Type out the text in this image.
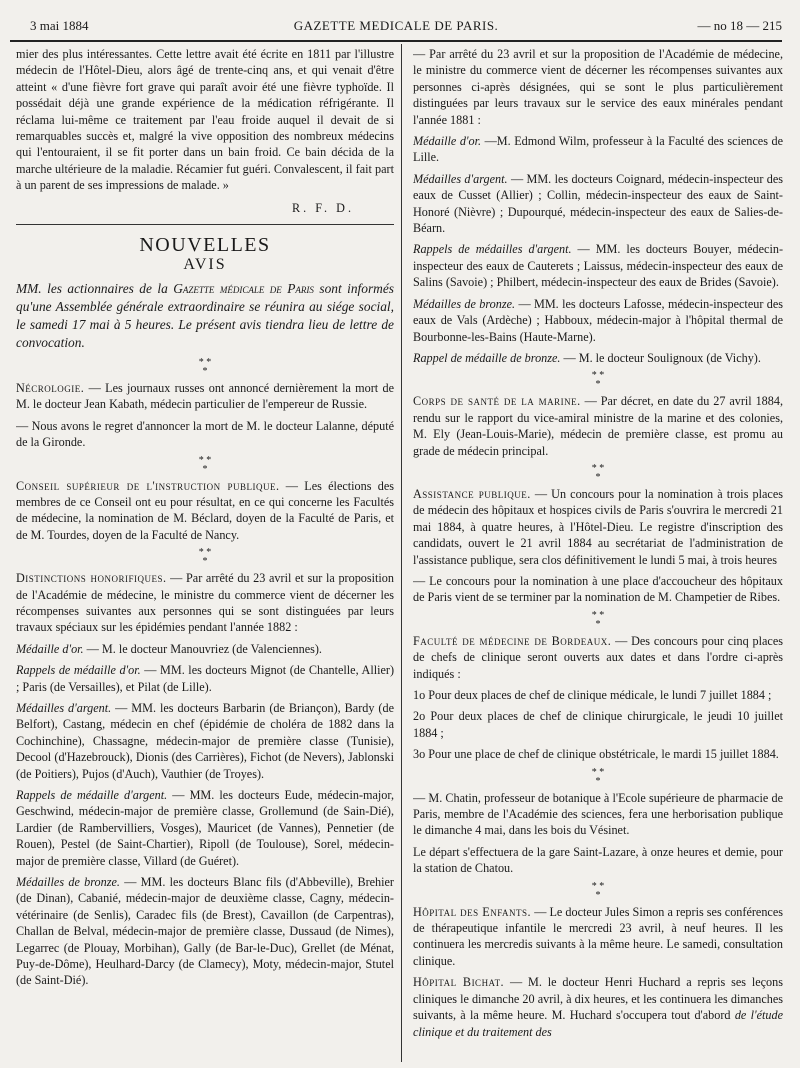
3 mai 1884	GAZETTE MEDICALE DE PARIS.	— no 18 — 215

mier des plus intéressantes. Cette lettre avait été écrite en 1811 par l'illustre médecin de l'Hôtel-Dieu, alors âgé de trente-cinq ans, et qui venait d'être atteint « d'une fièvre fort grave qui paraît avoir été une fièvre typhoïde. Il possédait déjà une grande expérience de la médication réfrigérante. Il réclama lui-même ce traitement par l'eau froide auquel il devait de si remarquables succès et, malgré la vive opposition des nombreux médecins qui l'entouraient, il se fit porter dans un bain froid. Ce bain décida de la marche ultérieure de la maladie. Récamier fut guéri. Convalescent, il fait part à un parent de ses impressions de malade. »

R. F. D.

NOUVELLES
AVIS
MM. les actionnaires de la Gazette médicale de Paris sont informés qu'une Assemblée générale extraordinaire se réunira au siége social, le samedi 17 mai à 5 heures. Le présent avis tiendra lieu de lettre de convocation.
* *
*

Nécrologie. — Les journaux russes ont annoncé dernièrement la mort de M. le docteur Jean Kabath, médecin particulier de l'empereur de Russie.

— Nous avons le regret d'annoncer la mort de M. le docteur Lalanne, député de la Gironde.

* *
*

Conseil supérieur de l'instruction publique. — Les élections des membres de ce Conseil ont eu pour résultat, en ce qui concerne les Facultés de médecine, la nomination de M. Béclard, doyen de la Faculté de Paris, et de M. Tourdes, doyen de la Faculté de Nancy.

* *
*

Distinctions honorifiques. — Par arrêté du 23 avril et sur la proposition de l'Académie de médecine, le ministre du commerce vient de décerner les récompenses suivantes aux personnes qui se sont distinguées par leurs travaux spéciaux sur les épidémies pendant l'année 1882 :

Médaille d'or. — M. le docteur Manouvriez (de Valenciennes).

Rappels de médaille d'or. — MM. les docteurs Mignot (de Chantelle, Allier) ; Paris (de Versailles), et Pilat (de Lille).

Médailles d'argent. — MM. les docteurs Barbarin (de Briançon), Bardy (de Belfort), Castang, médecin en chef (épidémie de choléra de 1882 dans la Cochinchine), Chassagne, médecin-major de première classe (Tunisie), Decool (d'Hazebrouck), Dionis (des Carrières), Fichot (de Nevers), Jablonski (de Poitiers), Pujos (d'Auch), Vauthier (de Troyes).

Rappels de médaille d'argent. — MM. les docteurs Eude, médecin-major, Geschwind, médecin-major de première classe, Grollemund (de Sain-Dié), Lardier (de Rambervilliers, Vosges), Mauricet (de Vannes), Pennetier (de Rouen), Pestel (de Saint-Chartier), Ripoll (de Toulouse), Sorel, médecin-major de première classe, Villard (de Guéret).

Médailles de bronze. — MM. les docteurs Blanc fils (d'Abbeville), Brehier (de Dinan), Cabanié, médecin-major de deuxième classe, Cagny, médecin-vétérinaire (de Senlis), Caradec fils (de Brest), Cavaillon (de Carpentras), Challan de Belval, médecin-major de première classe, Dussaud (de Nimes), Legarrec (de Plouay, Morbihan), Gally (de Bar-le-Duc), Grellet (de Ménat, Puy-de-Dôme), Heulhard-Darcy (de Clamecy), Moty, médecin-major, Stutel (de Saint-Dié).

— Par arrêté du 23 avril et sur la proposition de l'Académie de médecine, le ministre du commerce vient de décerner les récompenses suivantes aux personnes ci-après désignées, qui se sont le plus particulièrement distinguées par leurs travaux sur le service des eaux minérales pendant l'année 1881 :

Médaille d'or. —M. Edmond Wilm, professeur à la Faculté des sciences de Lille.

Médailles d'argent. — MM. les docteurs Coignard, médecin-inspecteur des eaux de Cusset (Allier) ; Collin, médecin-inspecteur des eaux de Saint-Honoré (Nièvre) ; Dupourqué, médecin-inspecteur des eaux de Salies-de-Béarn.

Rappels de médailles d'argent. — MM. les docteurs Bouyer, médecin-inspecteur des eaux de Cauterets ; Laissus, médecin-inspecteur des eaux de Salins (Savoie) ; Philbert, médecin-inspecteur des eaux de Brides (Savoie).

Médailles de bronze. — MM. les docteurs Lafosse, médecin-inspecteur des eaux de Vals (Ardèche) ; Habboux, médecin-major à l'hôpital thermal de Bourbonne-les-Bains (Haute-Marne).

Rappel de médaille de bronze. — M. le docteur Soulignoux (de Vichy).

* *
*

Corps de santé de la marine. — Par décret, en date du 27 avril 1884, rendu sur le rapport du vice-amiral ministre de la marine et des colonies, M. Ely (Jean-Louis-Marie), médecin de première classe, est promu au grade de médecin principal.

* *
*

Assistance publique. — Un concours pour la nomination à trois places de médecin des hôpitaux et hospices civils de Paris s'ouvrira le mercredi 21 mai 1884, à quatre heures, à l'Hôtel-Dieu. Le registre d'inscription des candidats, ouvert le 21 avril 1884 au secrétariat de l'administration de l'assistance publique, sera clos définitivement le lundi 5 mai, à trois heures

— Le concours pour la nomination à une place d'accoucheur des hôpitaux de Paris vient de se terminer par la nomination de M. Champetier de Ribes.

* *
*

Faculté de médecine de Bordeaux. — Des concours pour cinq places de chefs de clinique seront ouverts aux dates et dans l'ordre ci-après indiqués :

1o Pour deux places de chef de clinique médicale, le lundi 7 juillet 1884 ;

2o Pour deux places de chef de clinique chirurgicale, le jeudi 10 juillet 1884 ;

3o Pour une place de chef de clinique obstétricale, le mardi 15 juillet 1884.

* *
*

— M. Chatin, professeur de botanique à l'Ecole supérieure de pharmacie de Paris, membre de l'Académie des sciences, fera une herborisation publique le dimanche 4 mai, dans les bois du Vésinet.

Le départ s'effectuera de la gare Saint-Lazare, à onze heures et demie, pour la station de Chatou.

* *
*

Hôpital des Enfants. — Le docteur Jules Simon a repris ses conférences de thérapeutique infantile le mercredi 23 avril, à neuf heures. Il les continuera les mercredis suivants à la même heure. Le samedi, consultation clinique.

Hôpital Bichat. — M. le docteur Henri Huchard a repris ses leçons cliniques le dimanche 20 avril, à dix heures, et les continuera les dimanches suivants, à la même heure. M. Huchard s'occupera tout d'abord de l'étude clinique et du traitement des
